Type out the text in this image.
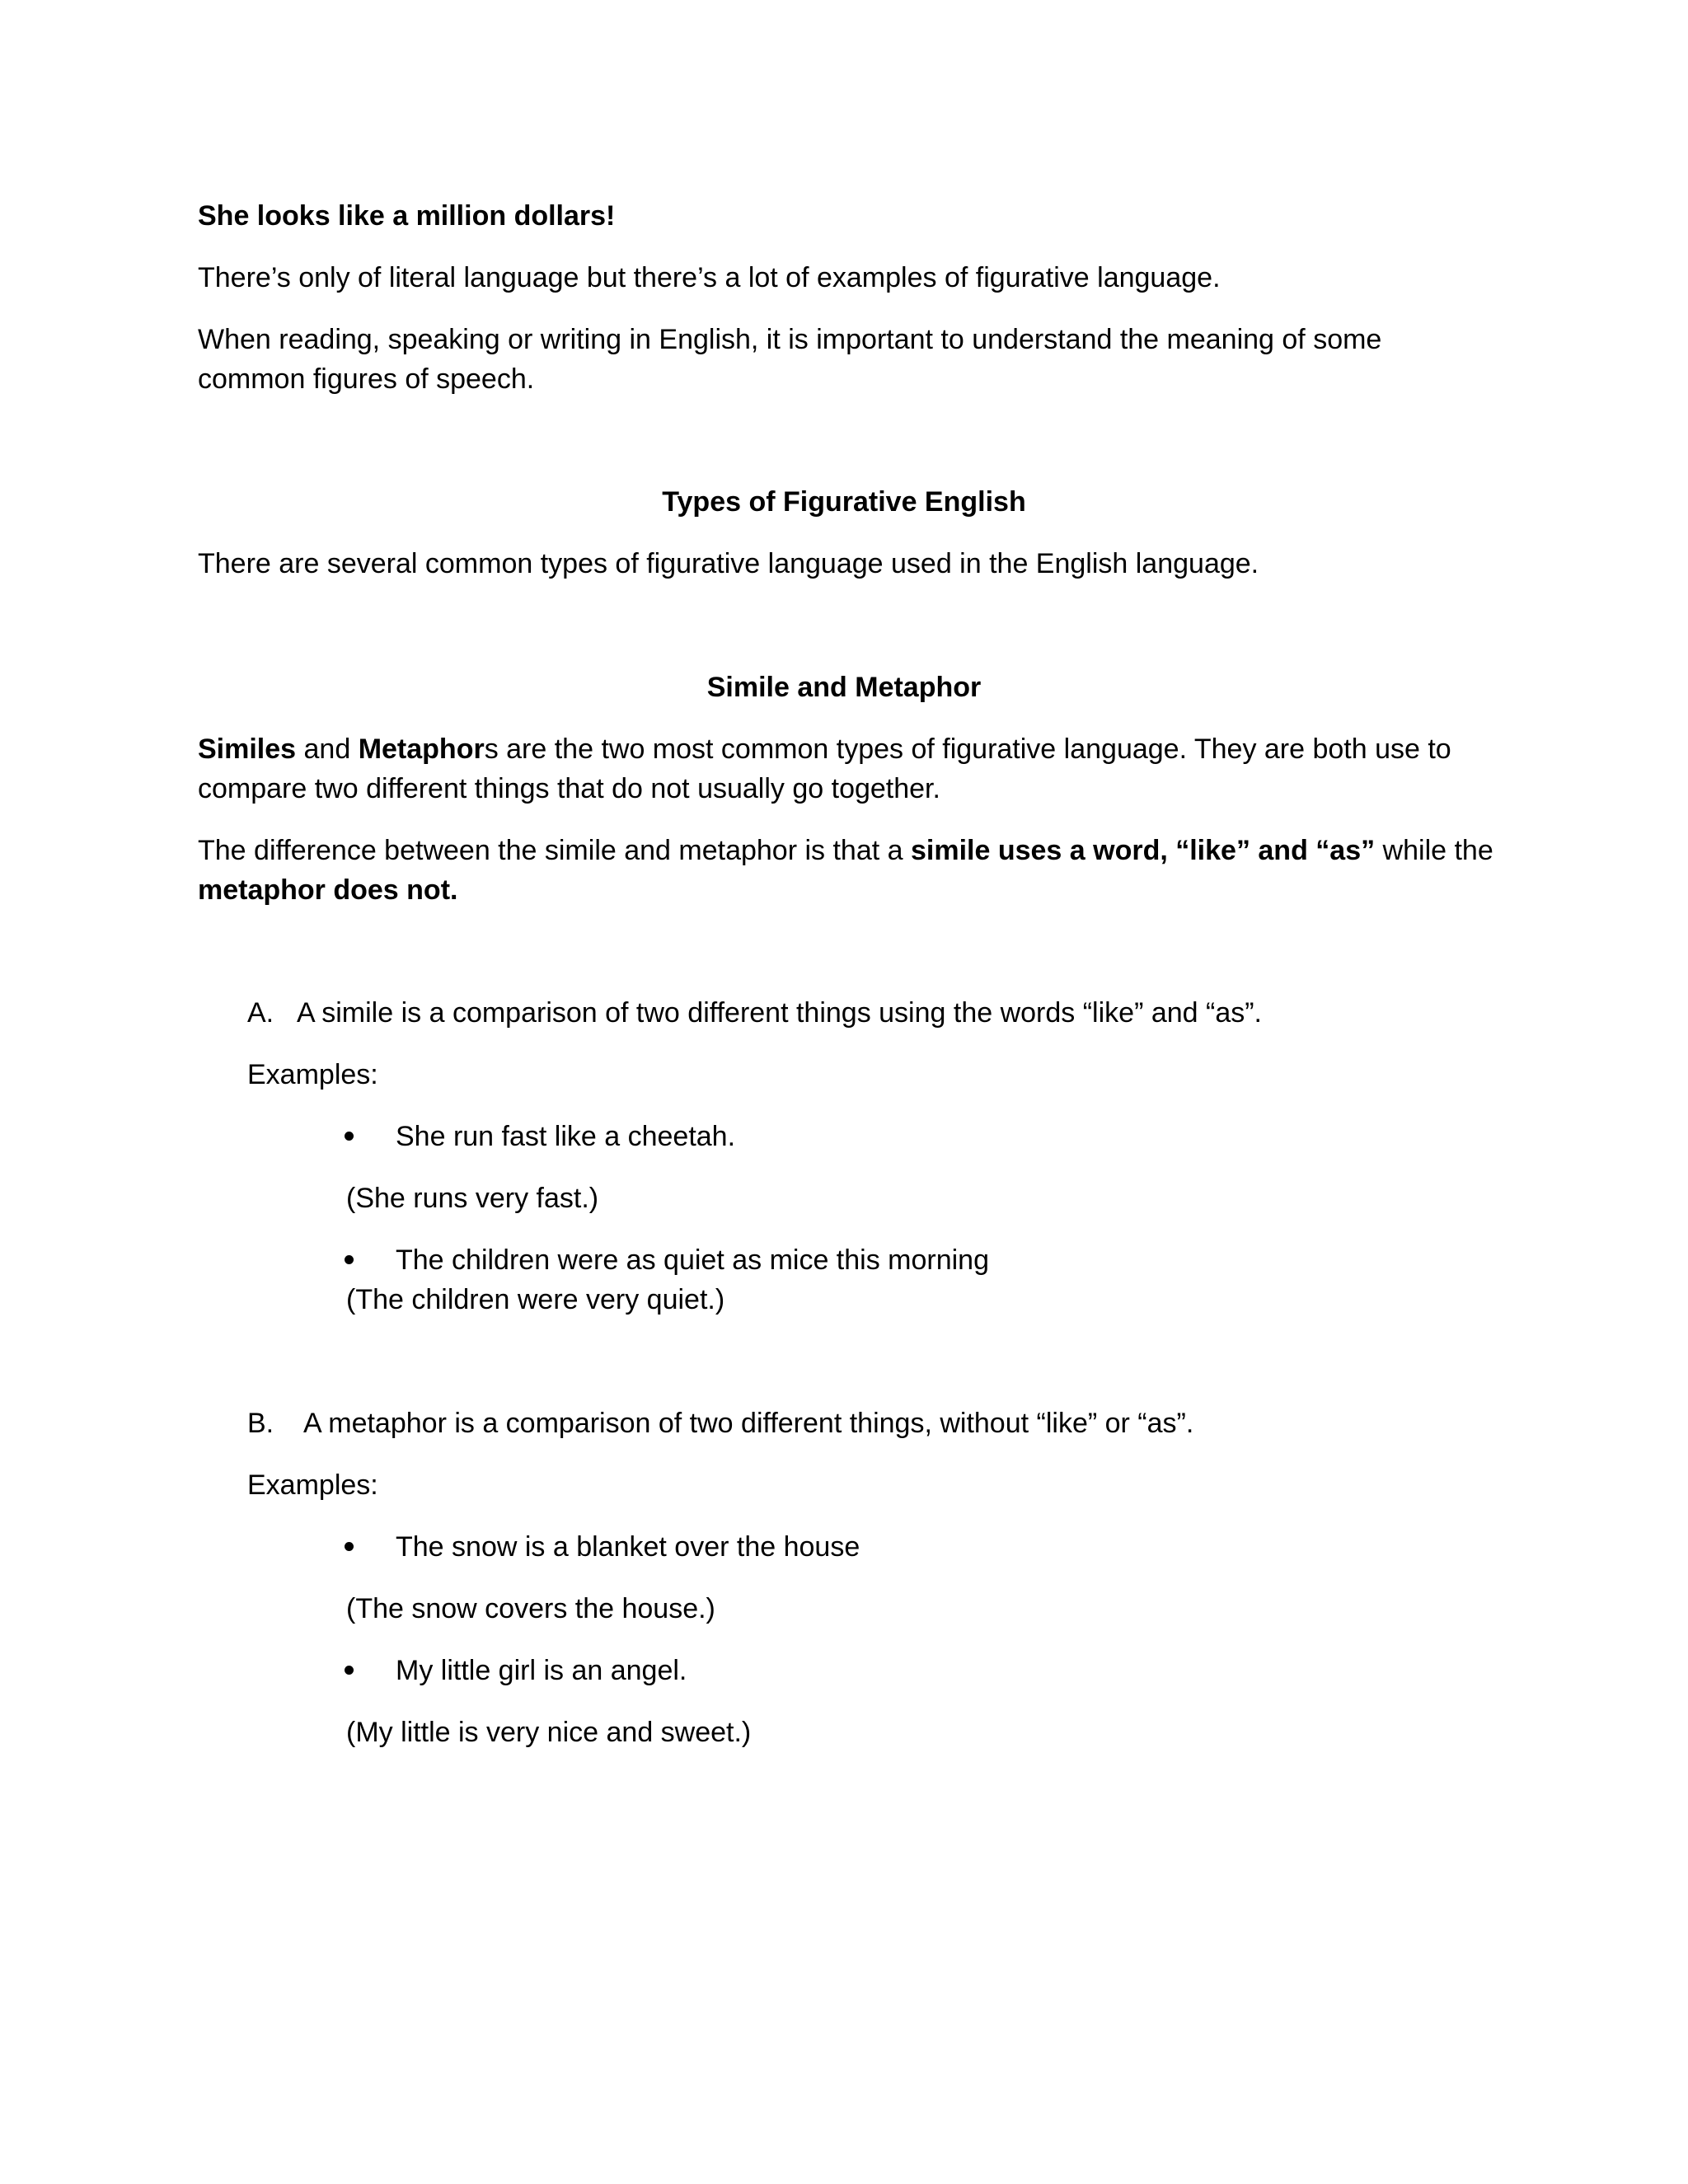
She looks like a million dollars!

There’s only of literal language but there’s a lot of examples of figurative language.

When reading, speaking or writing in English, it is important to understand the meaning of some

common figures of speech.

Types of Figurative English

There are several common types of figurative language used in the English language.

Simile and Metaphor

Similes and Metaphors are the two most common types of figurative language. They are both use to

compare two different things that do not usually go together.

The difference between the simile and metaphor is that a simile uses a word, “like” and “as” while the

metaphor does not.

A. A simile is a comparison of two different things using the words “like” and “as”.

Examples:

She run fast like a cheetah.

(She runs very fast.)

The children were as quiet as mice this morning

(The children were very quiet.)

B. A metaphor is a comparison of two different things, without “like” or “as”.

Examples:

The snow is a blanket over the house

(The snow covers the house.)

My little girl is an angel.

(My little is very nice and sweet.)
